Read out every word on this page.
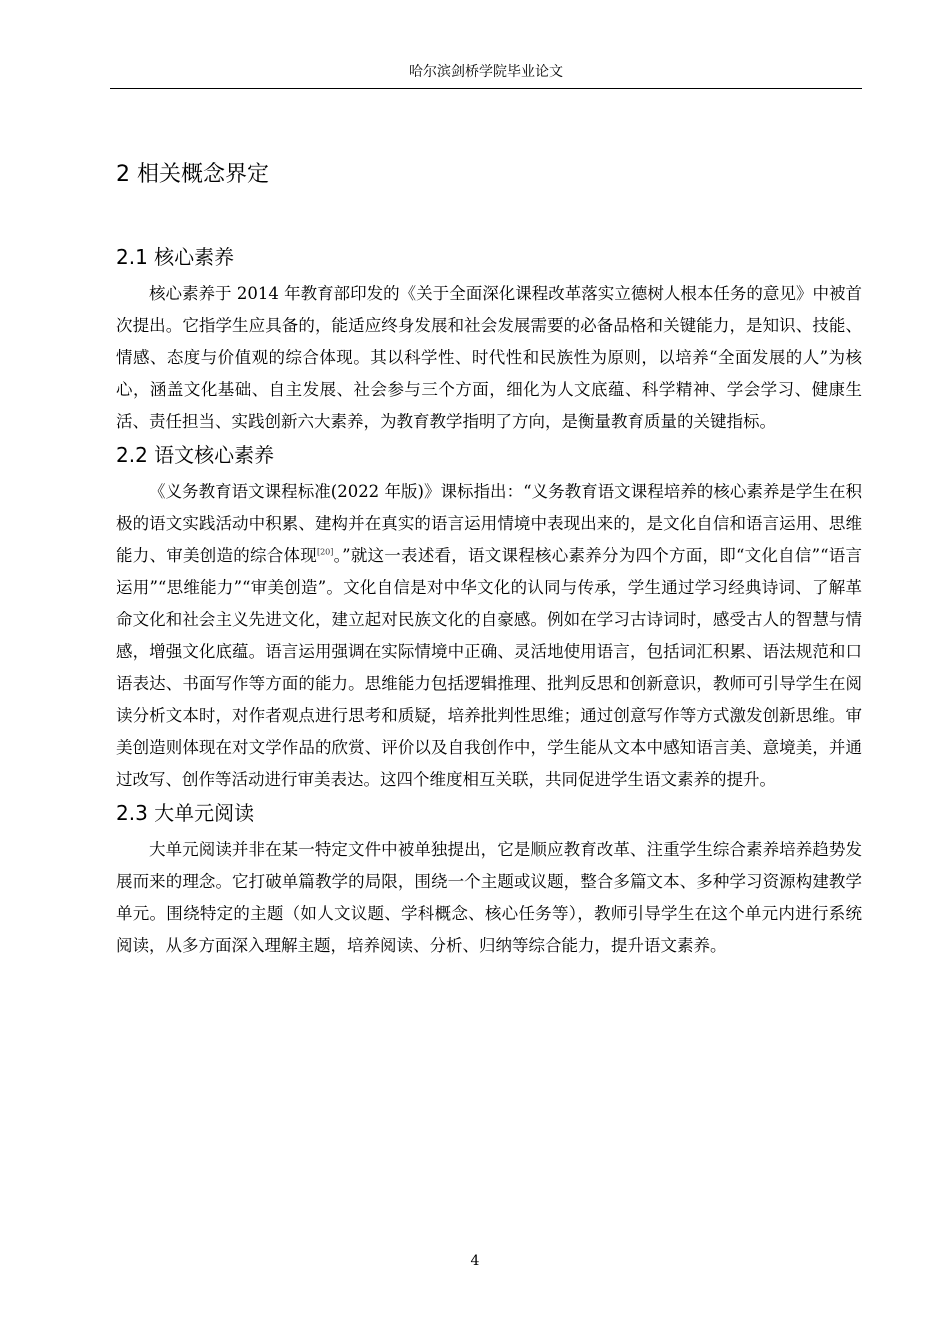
哈尔滨剑桥学院毕业论文
2 相关概念界定
2.1 核心素养

核心素养于 2014 年教育部印发的《关于全面深化课程改革落实立德树人根本任务的意见》中被首次提出。它指学生应具备的，能适应终身发展和社会发展需要的必备品格和关键能力，是知识、技能、情感、态度与价值观的综合体现。其以科学性、时代性和民族性为原则，以培养“全面发展的人”为核心，涵盖文化基础、自主发展、社会参与三个方面，细化为人文底蕴、科学精神、学会学习、健康生活、责任担当、实践创新六大素养，为教育教学指明了方向，是衡量教育质量的关键指标。

2.2 语文核心素养

《义务教育语文课程标准(2022 年版)》课标指出：“义务教育语文课程培养的核心素养是学生在积极的语文实践活动中积累、建构并在真实的语言运用情境中表现出来的，是文化自信和语言运用、思维能力、审美创造的综合体现[20]。”就这一表述看，语文课程核心素养分为四个方面，即“文化自信”“语言运用”“思维能力”“审美创造”。文化自信是对中华文化的认同与传承，学生通过学习经典诗词、了解革命文化和社会主义先进文化，建立起对民族文化的自豪感。例如在学习古诗词时，感受古人的智慧与情感，增强文化底蕴。语言运用强调在实际情境中正确、灵活地使用语言，包括词汇积累、语法规范和口语表达、书面写作等方面的能力。思维能力包括逻辑推理、批判反思和创新意识，教师可引导学生在阅读分析文本时，对作者观点进行思考和质疑，培养批判性思维；通过创意写作等方式激发创新思维。审美创造则体现在对文学作品的欣赏、评价以及自我创作中，学生能从文本中感知语言美、意境美，并通过改写、创作等活动进行审美表达。这四个维度相互关联，共同促进学生语文素养的提升。

2.3 大单元阅读

大单元阅读并非在某一特定文件中被单独提出，它是顺应教育改革、注重学生综合素养培养趋势发展而来的理念。它打破单篇教学的局限，围绕一个主题或议题，整合多篇文本、多种学习资源构建教学单元。围绕特定的主题（如人文议题、学科概念、核心任务等），教师引导学生在这个单元内进行系统阅读，从多方面深入理解主题，培养阅读、分析、归纳等综合能力，提升语文素养。

4
